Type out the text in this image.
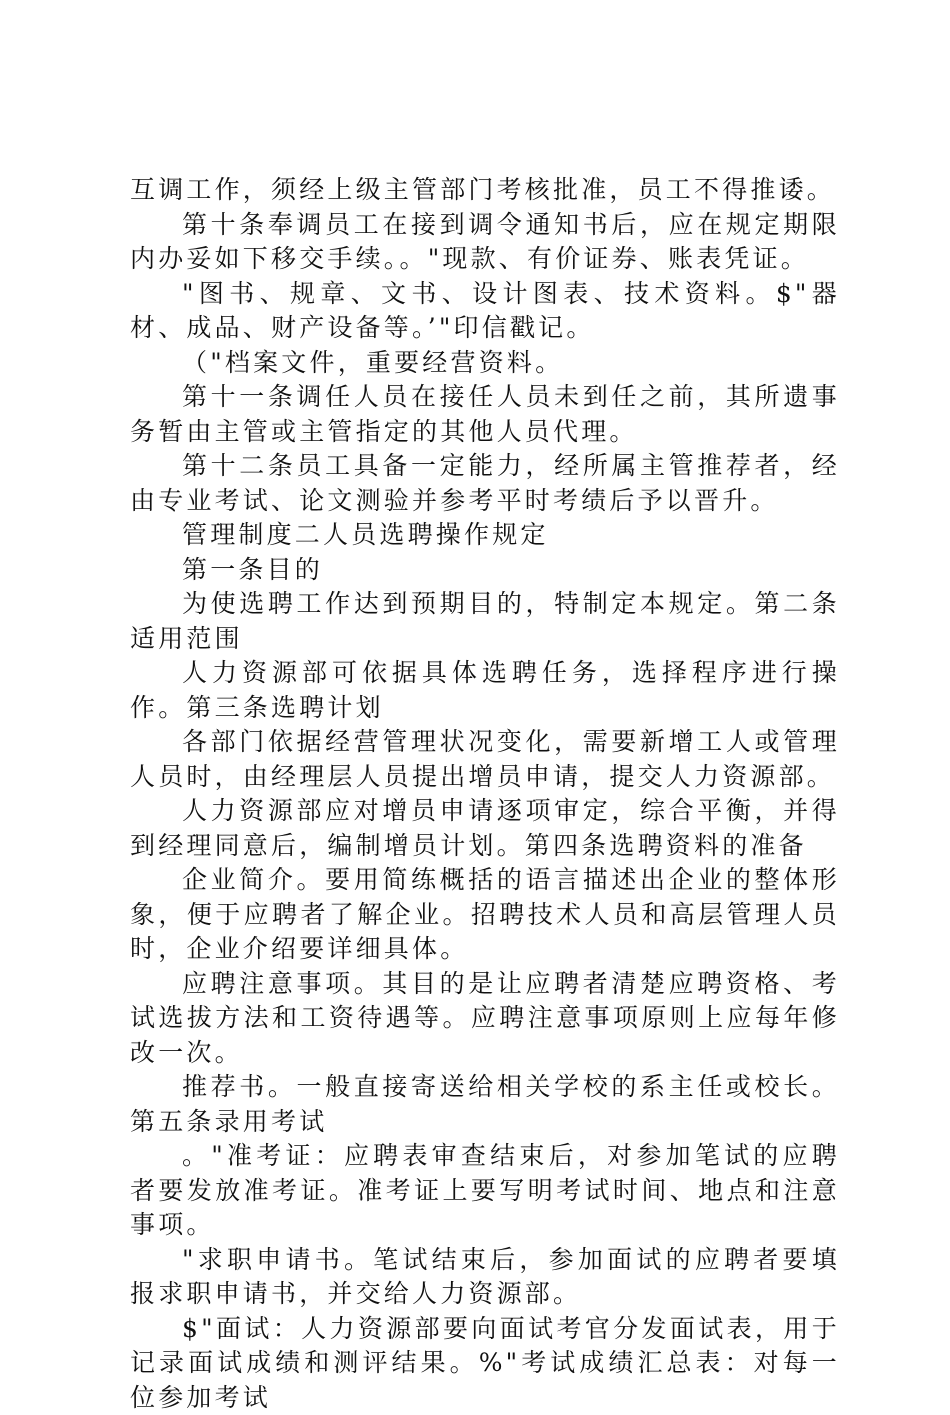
互调工作，须经上级主管部门考核批准，员工不得推诿。

第十条奉调员工在接到调令通知书后，应在规定期限内办妥如下移交手续。。"现款、有价证券、账表凭证。

"图书、规章、文书、设计图表、技术资料。$"器材、成品、财产设备等。’"印信戳记。

（"档案文件，重要经营资料。

第十一条调任人员在接任人员未到任之前，其所遗事务暂由主管或主管指定的其他人员代理。

第十二条员工具备一定能力，经所属主管推荐者，经由专业考试、论文测验并参考平时考绩后予以晋升。

管理制度二人员选聘操作规定

第一条目的

为使选聘工作达到预期目的，特制定本规定。第二条适用范围

人力资源部可依据具体选聘任务，选择程序进行操作。第三条选聘计划

各部门依据经营管理状况变化，需要新增工人或管理人员时，由经理层人员提出增员申请，提交人力资源部。

人力资源部应对增员申请逐项审定，综合平衡，并得到经理同意后，编制增员计划。第四条选聘资料的准备

企业简介。要用简练概括的语言描述出企业的整体形象，便于应聘者了解企业。招聘技术人员和高层管理人员时，企业介绍要详细具体。

应聘注意事项。其目的是让应聘者清楚应聘资格、考试选拔方法和工资待遇等。应聘注意事项原则上应每年修改一次。

推荐书。一般直接寄送给相关学校的系主任或校长。第五条录用考试

。"准考证：应聘表审查结束后，对参加笔试的应聘者要发放准考证。准考证上要写明考试时间、地点和注意事项。

"求职申请书。笔试结束后，参加面试的应聘者要填报求职申请书，并交给人力资源部。

$"面试：人力资源部要向面试考官分发面试表，用于记录面试成绩和测评结果。%"考试成绩汇总表：对每一位参加考试
